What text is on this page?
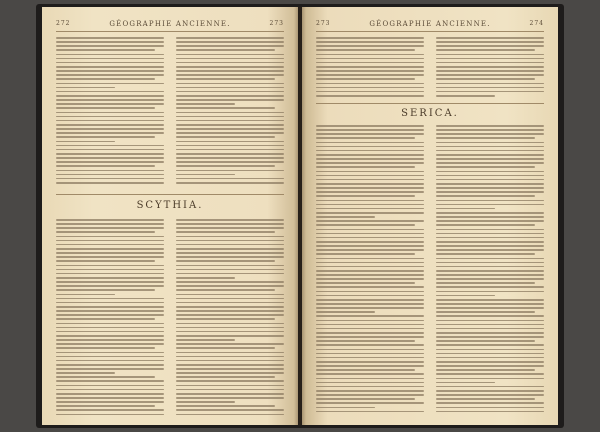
272	GÉOGRAPHIE ANCIENNE.	273
SCYTHIA.
273	GÉOGRAPHIE ANCIENNE.	274
SERICA.
